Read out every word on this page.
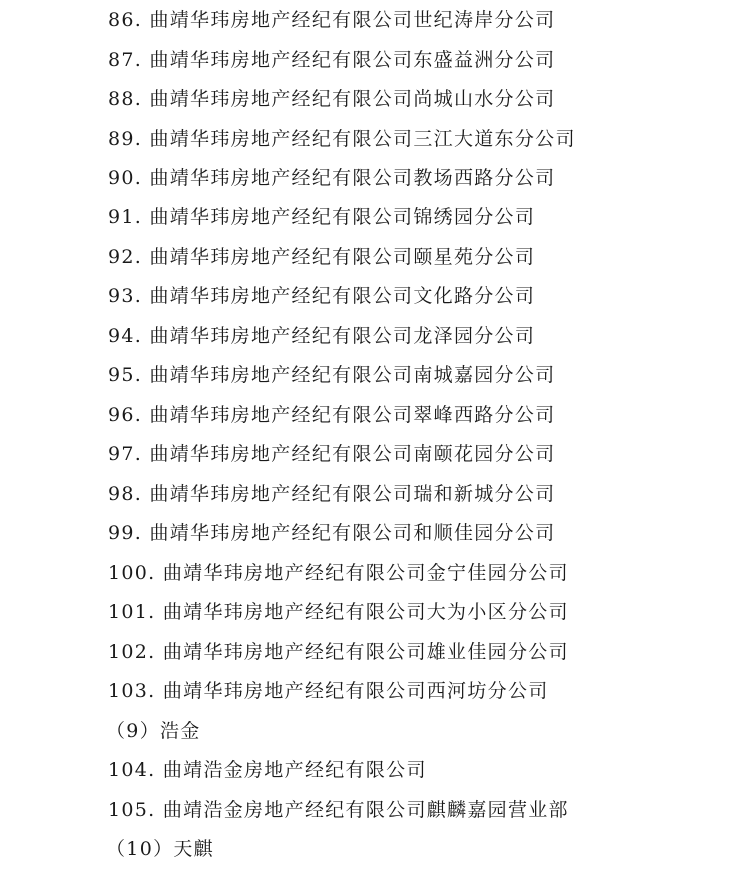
86. 曲靖华玮房地产经纪有限公司世纪涛岸分公司
87. 曲靖华玮房地产经纪有限公司东盛益洲分公司
88. 曲靖华玮房地产经纪有限公司尚城山水分公司
89. 曲靖华玮房地产经纪有限公司三江大道东分公司
90. 曲靖华玮房地产经纪有限公司教场西路分公司
91. 曲靖华玮房地产经纪有限公司锦绣园分公司
92. 曲靖华玮房地产经纪有限公司颐星苑分公司
93. 曲靖华玮房地产经纪有限公司文化路分公司
94. 曲靖华玮房地产经纪有限公司龙泽园分公司
95. 曲靖华玮房地产经纪有限公司南城嘉园分公司
96. 曲靖华玮房地产经纪有限公司翠峰西路分公司
97. 曲靖华玮房地产经纪有限公司南颐花园分公司
98. 曲靖华玮房地产经纪有限公司瑞和新城分公司
99. 曲靖华玮房地产经纪有限公司和顺佳园分公司
100. 曲靖华玮房地产经纪有限公司金宁佳园分公司
101. 曲靖华玮房地产经纪有限公司大为小区分公司
102. 曲靖华玮房地产经纪有限公司雄业佳园分公司
103. 曲靖华玮房地产经纪有限公司西河坊分公司
（9）浩金
104. 曲靖浩金房地产经纪有限公司
105. 曲靖浩金房地产经纪有限公司麒麟嘉园营业部
（10）天麒
